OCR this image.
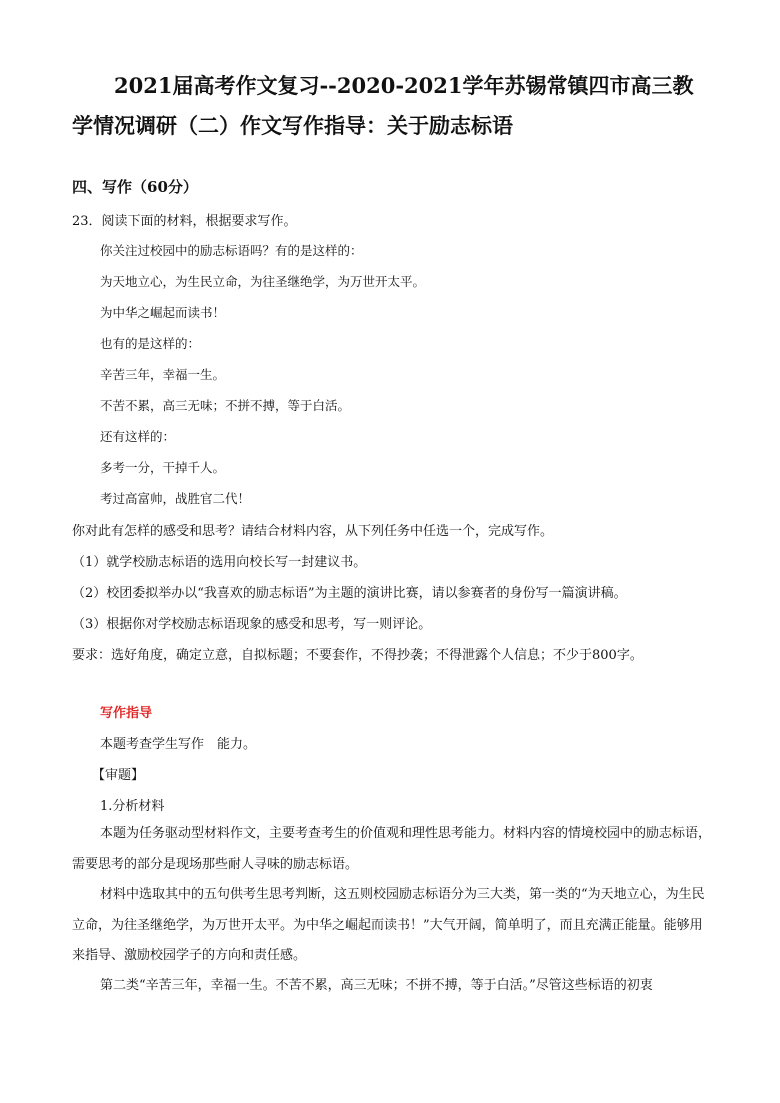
2021届高考作文复习--2020-2021学年苏锡常镇四市高三教学情况调研（二）作文写作指导：关于励志标语
四、写作（60分）
23．阅读下面的材料，根据要求写作。
你关注过校园中的励志标语吗？有的是这样的：
为天地立心，为生民立命，为往圣继绝学，为万世开太平。
为中华之崛起而读书！
也有的是这样的：
辛苦三年，幸福一生。
不苦不累，高三无味；不拼不搏，等于白活。
还有这样的：
多考一分，干掉千人。
考过高富帅，战胜官二代！
你对此有怎样的感受和思考？请结合材料内容，从下列任务中任选一个，完成写作。
（1）就学校励志标语的选用向校长写一封建议书。
（2）校团委拟举办以“我喜欢的励志标语”为主题的演讲比赛，请以参赛者的身份写一篇演讲稿。
（3）根据你对学校励志标语现象的感受和思考，写一则评论。
要求：选好角度，确定立意，自拟标题；不要套作，不得抄袭；不得泄露个人信息；不少于800字。
写作指导
本题考查学生写作　能力。
【审题】
1.分析材料

本题为任务驱动型材料作文，主要考查考生的价值观和理性思考能力。材料内容的情境校园中的励志标语，需要思考的部分是现场那些耐人寻味的励志标语。

材料中选取其中的五句供考生思考判断，这五则校园励志标语分为三大类，第一类的“为天地立心，为生民立命，为往圣继绝学，为万世开太平。为中华之崛起而读书！”大气开阔，简单明了，而且充满正能量。能够用来指导、激励校园学子的方向和责任感。

第二类“辛苦三年，幸福一生。不苦不累，高三无味；不拼不搏，等于白活。”尽管这些标语的初衷
